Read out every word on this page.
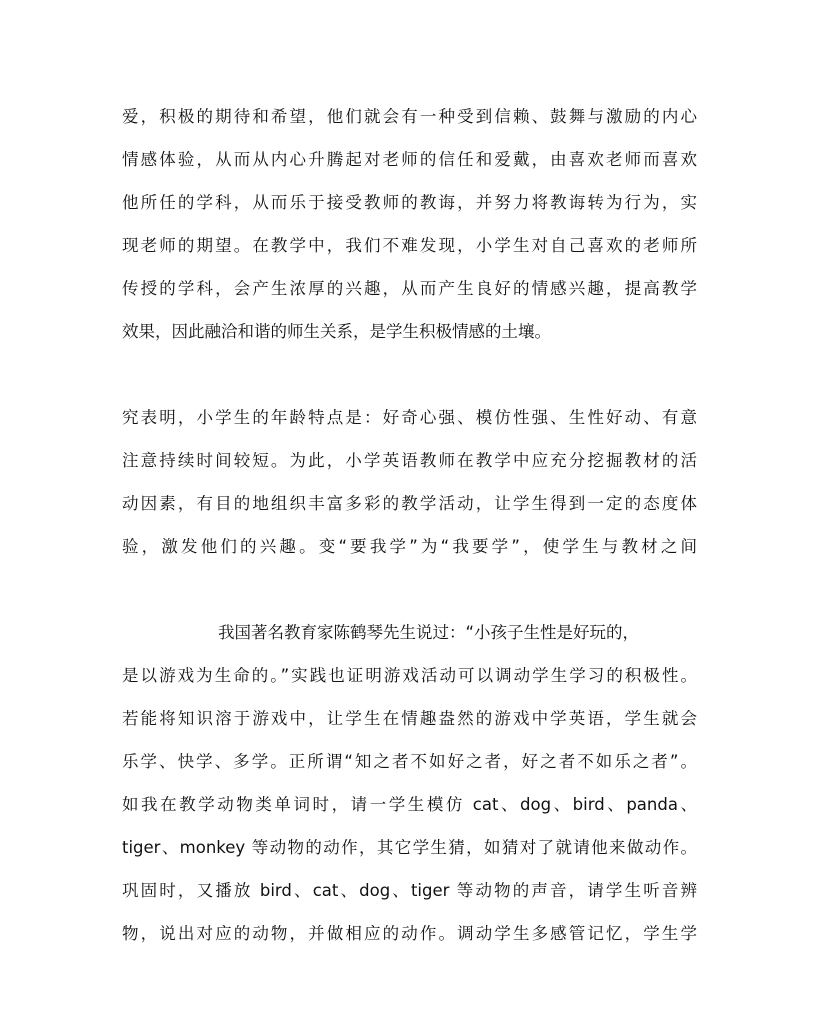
爱，积极的期待和希望，他们就会有一种受到信赖、鼓舞与激励的内心
情感体验，从而从内心升腾起对老师的信任和爱戴，由喜欢老师而喜欢
他所任的学科，从而乐于接受教师的教诲，并努力将教诲转为行为，实
现老师的期望。在教学中，我们不难发现，小学生对自己喜欢的老师所
传授的学科，会产生浓厚的兴趣，从而产生良好的情感兴趣，提高教学
效果，因此融洽和谐的师生关系，是学生积极情感的土壤。
究表明，小学生的年龄特点是：好奇心强、模仿性强、生性好动、有意
注意持续时间较短。为此，小学英语教师在教学中应充分挖掘教材的活
动因素，有目的地组织丰富多彩的教学活动，让学生得到一定的态度体
验，激发他们的兴趣。变“要我学”为“我要学”，使学生与教材之间
我国著名教育家陈鹤琴先生说过：“小孩子生性是好玩的，
是以游戏为生命的。”实践也证明游戏活动可以调动学生学习的积极性。
若能将知识溶于游戏中，让学生在情趣盎然的游戏中学英语，学生就会
乐学、快学、多学。正所谓“知之者不如好之者，好之者不如乐之者”。
如我在教学动物类单词时，请一学生模仿 cat、dog、bird、panda、
tiger、monkey 等动物的动作，其它学生猜，如猜对了就请他来做动作。
巩固时，又播放 bird、cat、dog、tiger 等动物的声音，请学生听音辨
物，说出对应的动物，并做相应的动作。调动学生多感管记忆，学生学
